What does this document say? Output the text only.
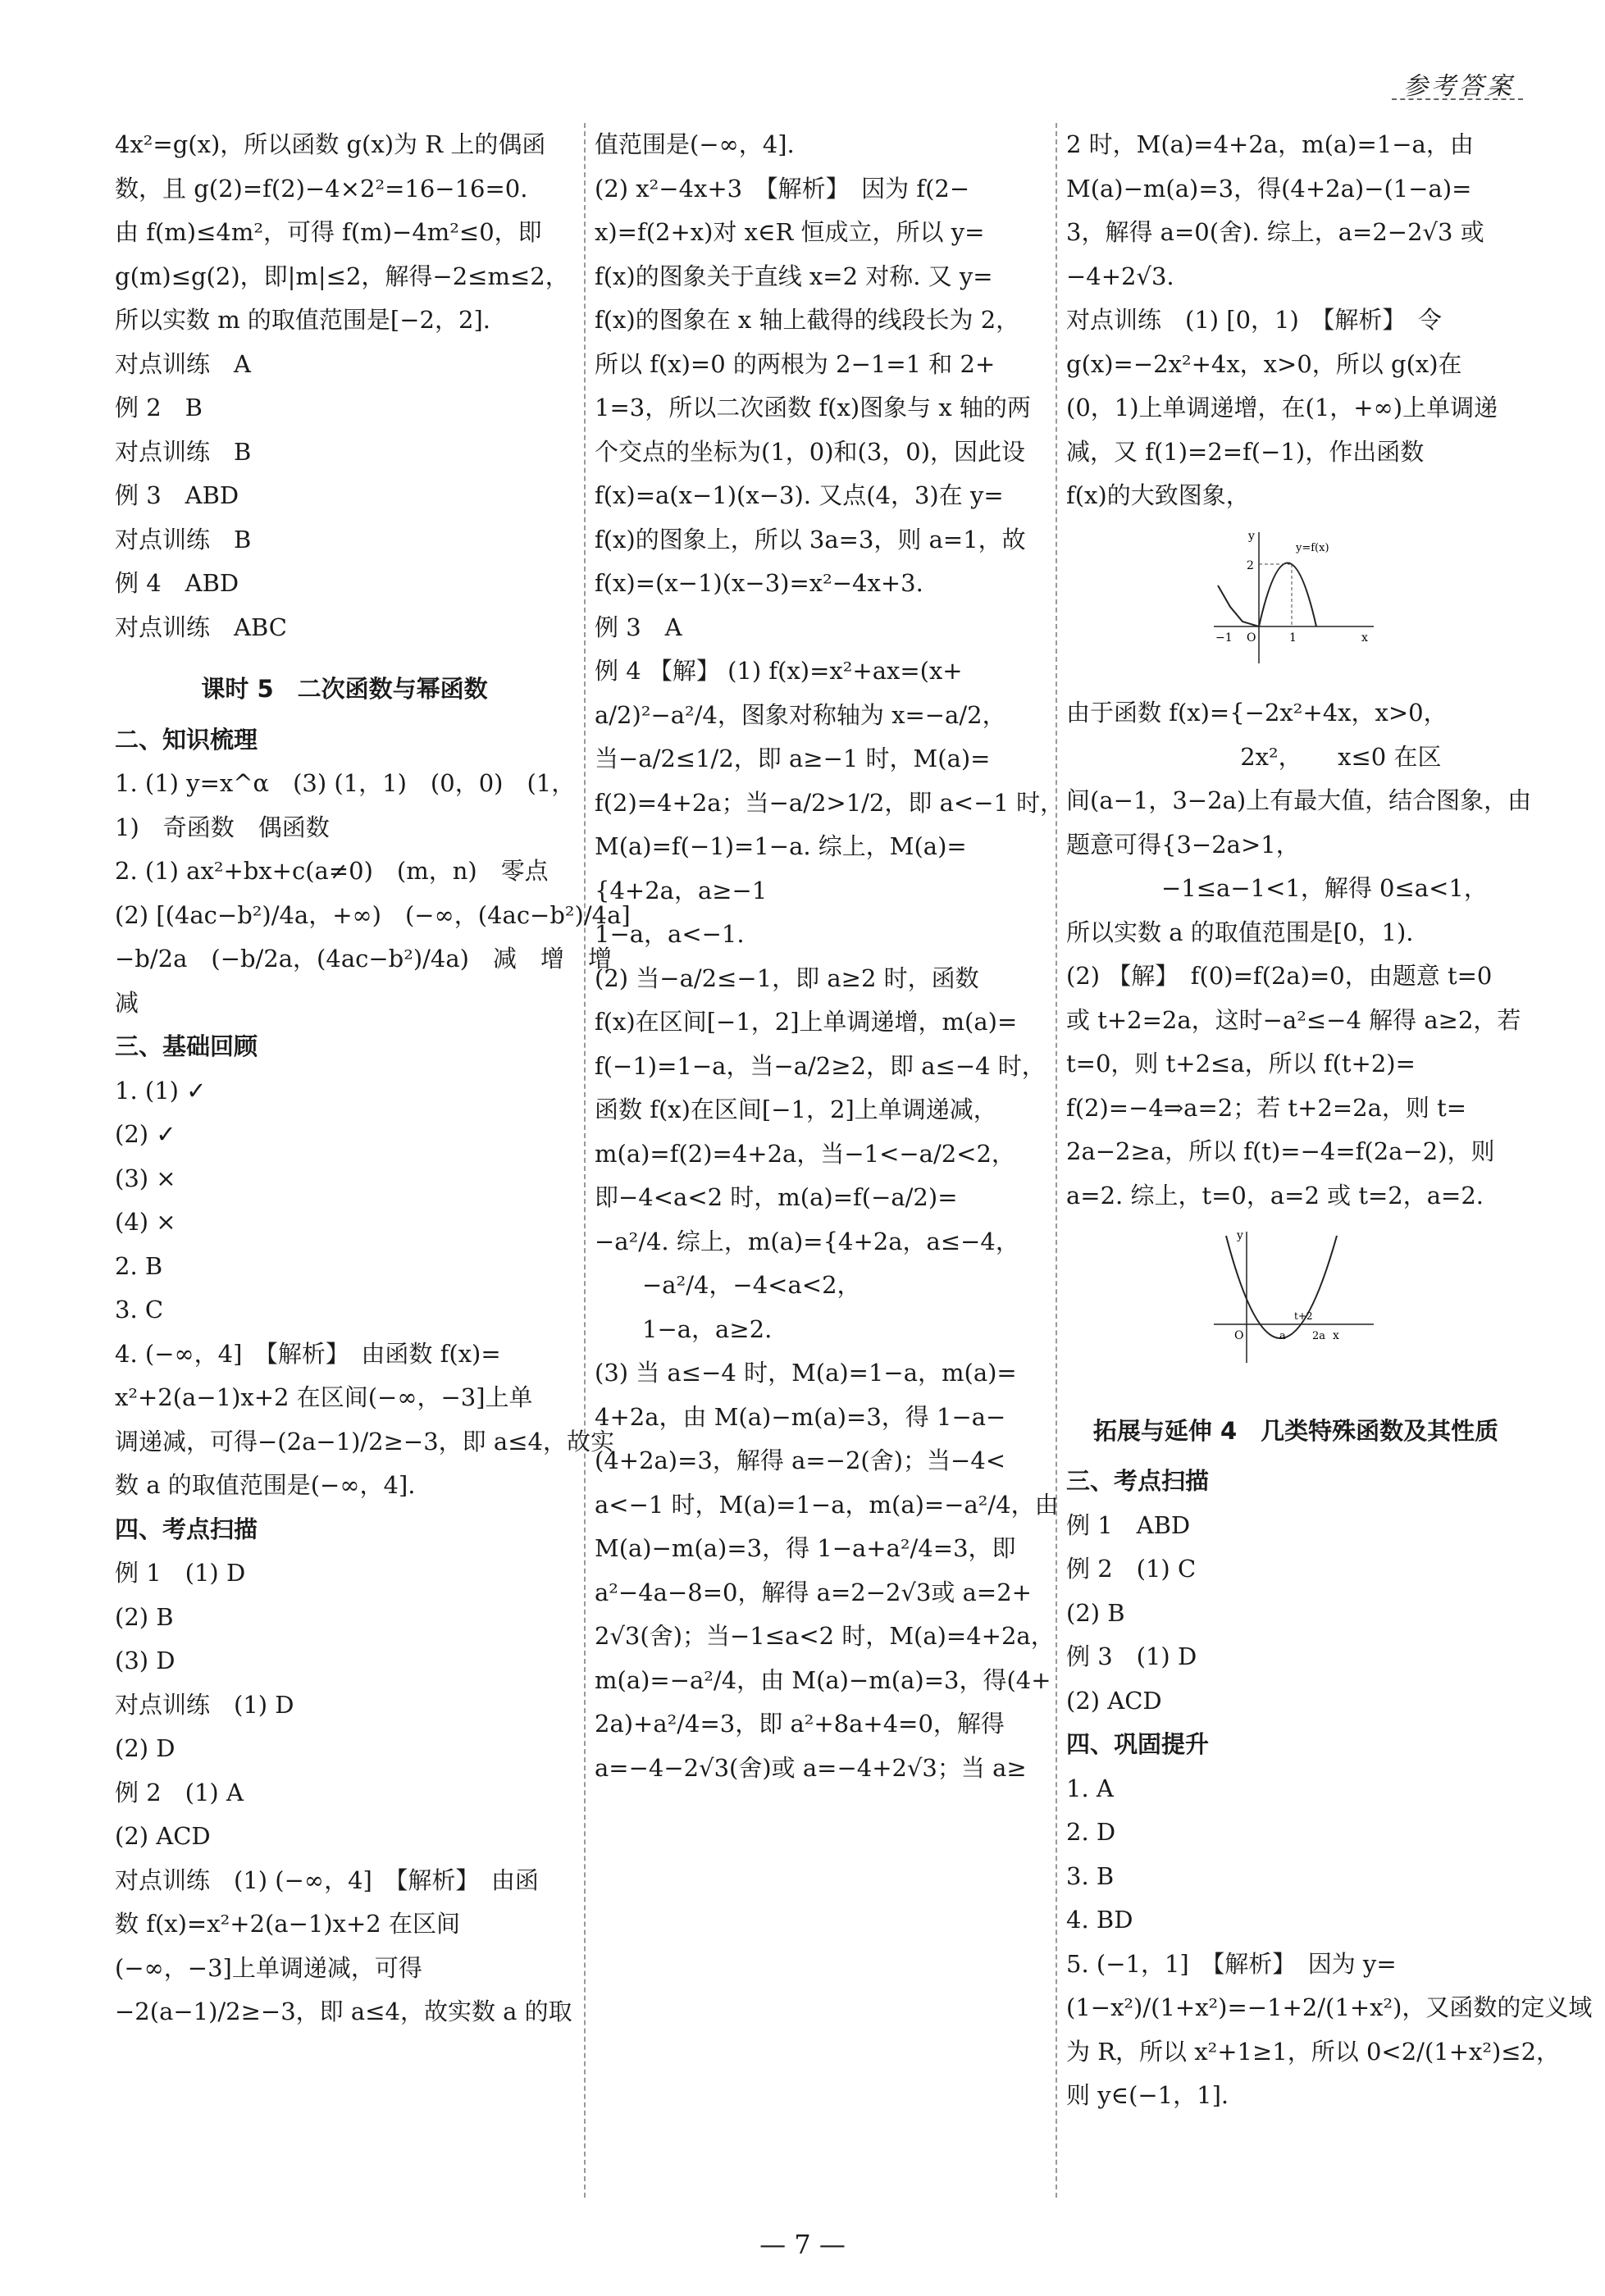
参考答案

4x²=g(x)，所以函数 g(x)为 R 上的偶函

数，且 g(2)=f(2)−4×2²=16−16=0.

由 f(m)≤4m²，可得 f(m)−4m²≤0，即

g(m)≤g(2)，即|m|≤2，解得−2≤m≤2，

所以实数 m 的取值范围是[−2，2].

对点训练　A

例 2　B

对点训练　B

例 3　ABD

对点训练　B

例 4　ABD

对点训练　ABC

课时 5　二次函数与幂函数

二、知识梳理

1. (1) y=x^α　(3) (1，1)　(0，0)　(1，

1)　奇函数　偶函数

2. (1) ax²+bx+c(a≠0)　(m，n)　零点

(2) [(4ac−b²)/4a，+∞)　(−∞，(4ac−b²)/4a]

−b/2a　(−b/2a，(4ac−b²)/4a)　减　增　增

减

三、基础回顾

1. (1) ✓

(2) ✓

(3) ×

(4) ×

2. B

3. C

4. (−∞，4]　【解析】　由函数 f(x)=

x²+2(a−1)x+2 在区间(−∞，−3]上单

调递减，可得−(2a−1)/2≥−3，即 a≤4，故实

数 a 的取值范围是(−∞，4].

四、考点扫描

例 1　(1) D

(2) B

(3) D

对点训练　(1) D

(2) D

例 2　(1) A

(2) ACD

对点训练　(1) (−∞，4]　【解析】　由函

数 f(x)=x²+2(a−1)x+2 在区间

(−∞，−3]上单调递减，可得

−2(a−1)/2≥−3，即 a≤4，故实数 a 的取

值范围是(−∞，4].

(2) x²−4x+3　【解析】　因为 f(2−

x)=f(2+x)对 x∈R 恒成立，所以 y=

f(x)的图象关于直线 x=2 对称. 又 y=

f(x)的图象在 x 轴上截得的线段长为 2，

所以 f(x)=0 的两根为 2−1=1 和 2+

1=3，所以二次函数 f(x)图象与 x 轴的两

个交点的坐标为(1，0)和(3，0)，因此设

f(x)=a(x−1)(x−3). 又点(4，3)在 y=

f(x)的图象上，所以 3a=3，则 a=1，故

f(x)=(x−1)(x−3)=x²−4x+3.

例 3　A

例 4 【解】 (1) f(x)=x²+ax=(x+

a/2)²−a²/4，图象对称轴为 x=−a/2，

当−a/2≤1/2，即 a≥−1 时，M(a)=

f(2)=4+2a；当−a/2>1/2，即 a<−1 时，

M(a)=f(−1)=1−a. 综上，M(a)=

{4+2a，a≥−1

1−a，a<−1.

(2) 当−a/2≤−1，即 a≥2 时，函数

f(x)在区间[−1，2]上单调递增，m(a)=

f(−1)=1−a，当−a/2≥2，即 a≤−4 时，

函数 f(x)在区间[−1，2]上单调递减，

m(a)=f(2)=4+2a，当−1<−a/2<2，

即−4<a<2 时，m(a)=f(−a/2)=

−a²/4. 综上，m(a)={4+2a，a≤−4，

　　−a²/4，−4<a<2，

　　1−a，a≥2.

(3) 当 a≤−4 时，M(a)=1−a，m(a)=

4+2a，由 M(a)−m(a)=3，得 1−a−

(4+2a)=3，解得 a=−2(舍)；当−4<

a<−1 时，M(a)=1−a，m(a)=−a²/4，由

M(a)−m(a)=3，得 1−a+a²/4=3，即

a²−4a−8=0，解得 a=2−2√3或 a=2+

2√3(舍)；当−1≤a<2 时，M(a)=4+2a，

m(a)=−a²/4，由 M(a)−m(a)=3，得(4+

2a)+a²/4=3，即 a²+8a+4=0，解得

a=−4−2√3(舍)或 a=−4+2√3；当 a≥

2 时，M(a)=4+2a，m(a)=1−a，由

M(a)−m(a)=3，得(4+2a)−(1−a)=

3，解得 a=0(舍). 综上，a=2−2√3 或

−4+2√3.

对点训练　(1) [0，1)　【解析】　令

g(x)=−2x²+4x，x>0，所以 g(x)在

(0，1)上单调递增，在(1，+∞)上单调递

减，又 f(1)=2=f(−1)，作出函数

f(x)的大致图象，

y
y=f(x)
2
O
−1	1	x

由于函数 f(x)={−2x²+4x，x>0，

　　　　　　　 2x²，　　x≤0 在区

间(a−1，3−2a)上有最大值，结合图象，由

题意可得{3−2a>1，

　　　　−1≤a−1<1，解得 0≤a<1，

所以实数 a 的取值范围是[0，1).

(2) 【解】　f(0)=f(2a)=0，由题意 t=0

或 t+2=2a，这时−a²≤−4 解得 a≥2，若

t=0，则 t+2≤a，所以 f(t+2)=

f(2)=−4⇒a=2；若 t+2=2a，则 t=

2a−2≥a，所以 f(t)=−4=f(2a−2)，则

a=2. 综上，t=0，a=2 或 t=2，a=2.

y
O	a
t+2
2a x

拓展与延伸 4　几类特殊函数及其性质

三、考点扫描

例 1　ABD

例 2　(1) C

(2) B

例 3　(1) D

(2) ACD

四、巩固提升

1. A

2. D

3. B

4. BD

5. (−1，1]　【解析】　因为 y=

(1−x²)/(1+x²)=−1+2/(1+x²)，又函数的定义域

为 R，所以 x²+1≥1，所以 0<2/(1+x²)≤2，

则 y∈(−1，1].

— 7 —
